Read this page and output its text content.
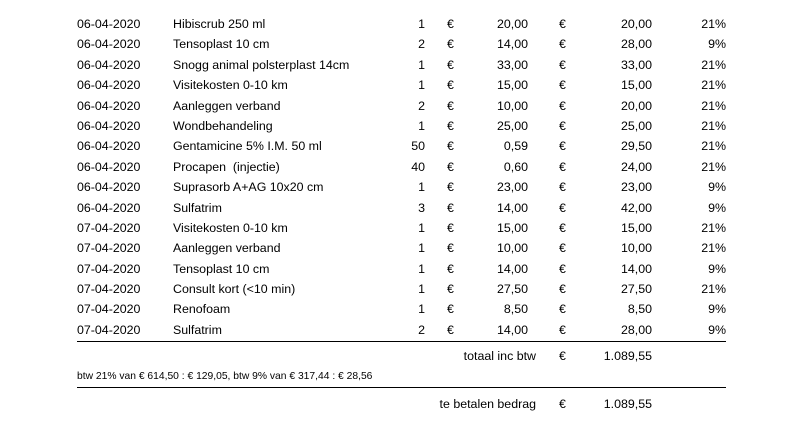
06-04-2020	Hibiscrub 250 ml	1 €	20,00	€	20,00	21%
06-04-2020	Tensoplast 10 cm	2 €	14,00	€	28,00	9%
06-04-2020	Snogg animal polsterplast 14cm	1 €	33,00	€	33,00	21%
06-04-2020	Visitekosten 0-10 km	1 €	15,00	€	15,00	21%
06-04-2020	Aanleggen verband	2 €	10,00	€	20,00	21%
06-04-2020	Wondbehandeling	1 €	25,00	€	25,00	21%
06-04-2020	Gentamicine 5% I.M. 50 ml	50 €	0,59	€	29,50	21%
06-04-2020	Procapen  (injectie)	40 €	0,60	€	24,00	21%
06-04-2020	Suprasorb A+AG 10x20 cm	1 €	23,00	€	23,00	9%
06-04-2020	Sulfatrim	3 €	14,00	€	42,00	9%
07-04-2020	Visitekosten 0-10 km	1 €	15,00	€	15,00	21%
07-04-2020	Aanleggen verband	1 €	10,00	€	10,00	21%
07-04-2020	Tensoplast 10 cm	1 €	14,00	€	14,00	9%
07-04-2020	Consult kort (<10 min)	1 €	27,50	€	27,50	21%
07-04-2020	Renofoam	1 €	8,50	€	8,50	9%
07-04-2020	Sulfatrim	2 €	14,00	€	28,00	9%
totaal inc btw €	1.089,55
btw 21% van € 614,50 : € 129,05, btw 9% van € 317,44 : € 28,56
te betalen bedrag €	1.089,55
